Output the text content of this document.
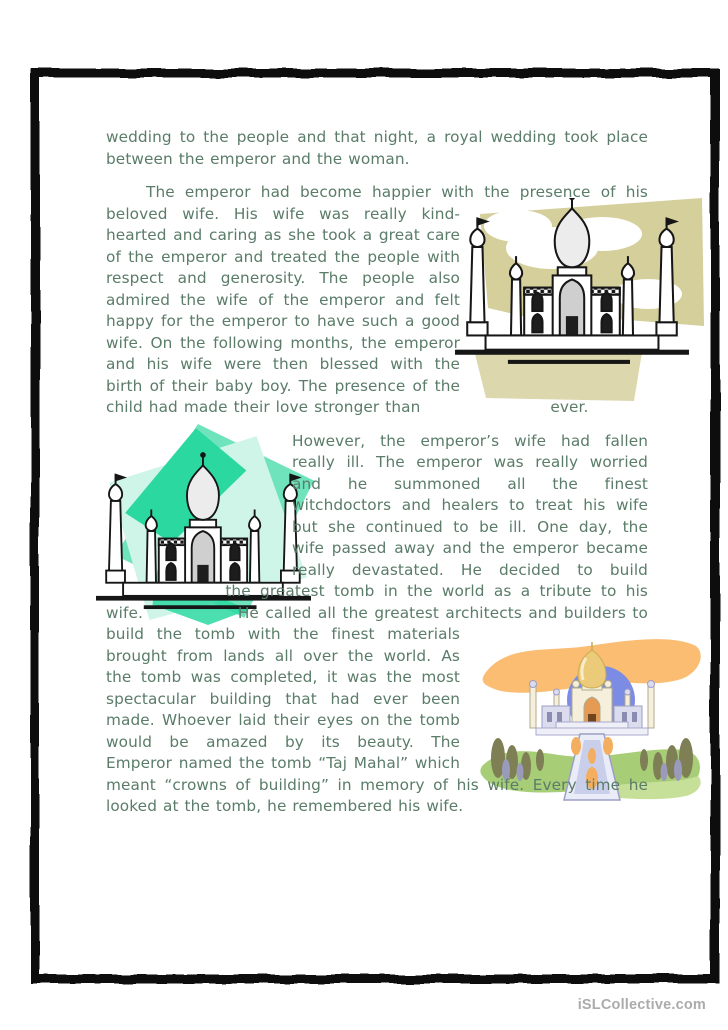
wedding to the people and that night, a royal wedding took place between the emperor and the woman.

The emperor had become happier with the presence of his
beloved wife. His wife was really kind-hearted and caring as she took a great care of the emperor and treated the people with respect and generosity. The people also admired the wife of the emperor and felt happy for the emperor to have such a good wife. On the following months, the emperor and his wife were then blessed with the birth of their baby boy. The presence of the child had made their love stronger than	ever.

However, the emperor’s wife had fallen really ill. The emperor was really worried and he summoned all the finest witchdoctors and healers to treat his wife but she continued to be ill. One day, the wife passed away and the emperor became really devastated. He decided to build  the greatest tomb in the world as a tribute to his wife.	He called all the greatest architects and builders to build the tomb with the finest materials brought from lands all over the world. As the tomb was completed, it was the most spectacular building that had ever been made. Whoever laid their eyes on the tomb would be amazed by its beauty. The Emperor named the tomb “Taj Mahal” which meant “crowns of building” in memory of his wife. Every time he looked at the tomb, he remembered his wife.

iSLCollective.com
